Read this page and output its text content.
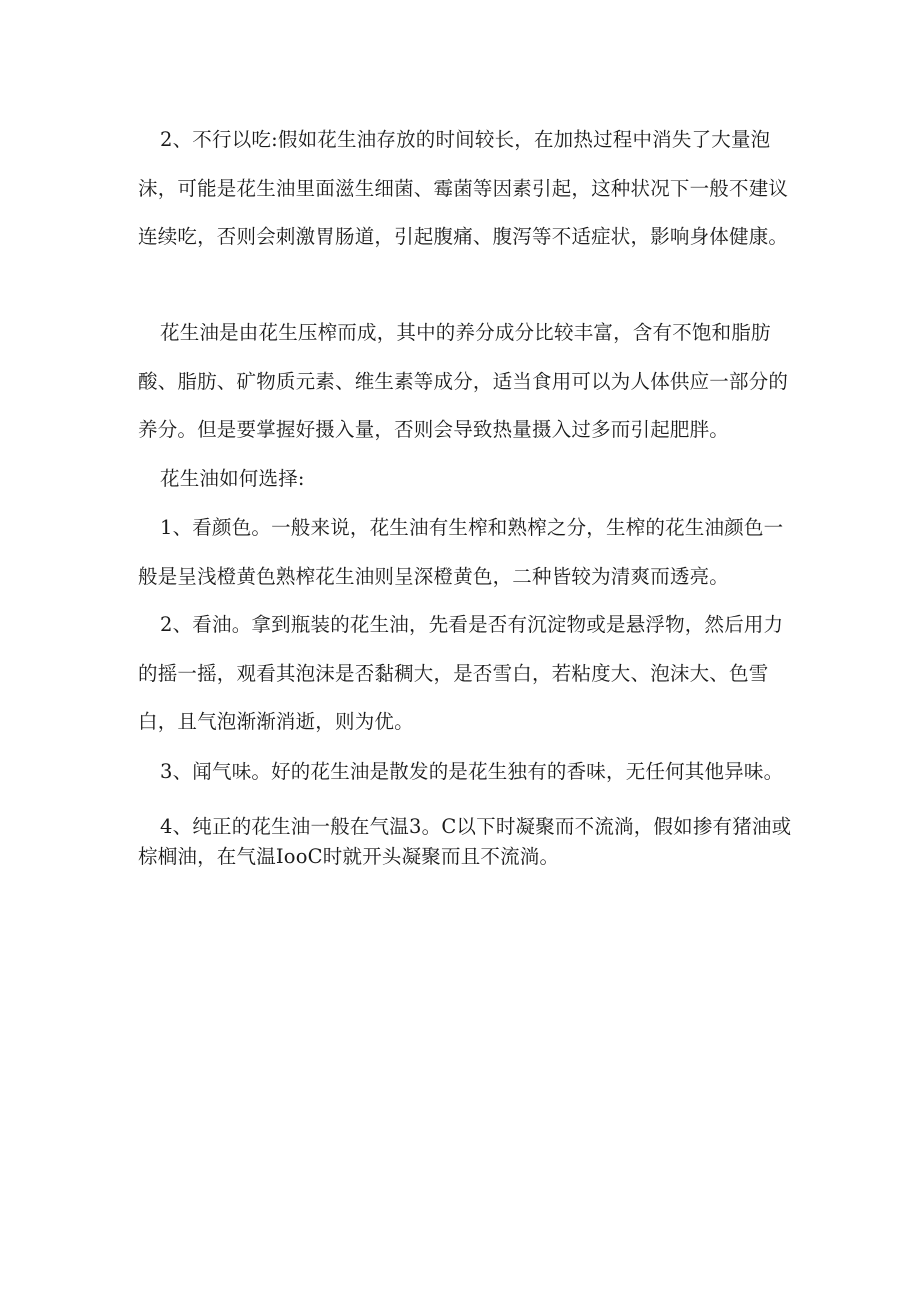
2、不行以吃:假如花生油存放的时间较长，在加热过程中消失了大量泡沫，可能是花生油里面滋生细菌、霉菌等因素引起，这种状况下一般不建议连续吃，否则会刺激胃肠道，引起腹痛、腹泻等不适症状，影响身体健康。

花生油是由花生压榨而成，其中的养分成分比较丰富，含有不饱和脂肪酸、脂肪、矿物质元素、维生素等成分，适当食用可以为人体供应一部分的养分。但是要掌握好摄入量，否则会导致热量摄入过多而引起肥胖。

花生油如何选择:

1、看颜色。一般来说，花生油有生榨和熟榨之分，生榨的花生油颜色一般是呈浅橙黄色熟榨花生油则呈深橙黄色，二种皆较为清爽而透亮。

2、看油。拿到瓶装的花生油，先看是否有沉淀物或是悬浮物，然后用力的摇一摇，观看其泡沫是否黏稠大，是否雪白，若粘度大、泡沫大、色雪白，且气泡渐渐消逝，则为优。

3、闻气味。好的花生油是散发的是花生独有的香味，无任何其他异味。

4、纯正的花生油一般在气温3。C以下时凝聚而不流淌，假如掺有猪油或棕榈油，在气温IooC时就开头凝聚而且不流淌。
